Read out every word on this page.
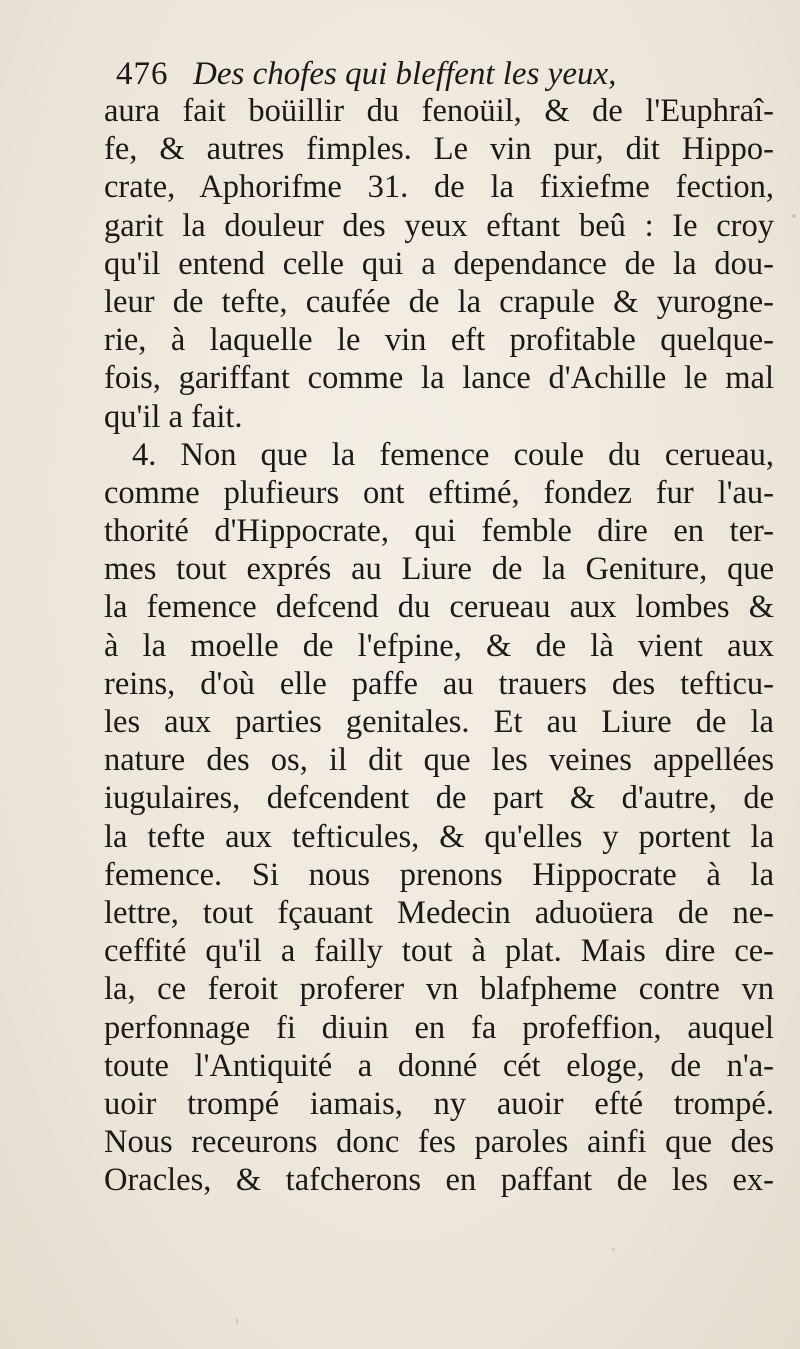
476 Des chofes qui bleffent les yeux,
aura fait boüillir du fenoüil, & de l'Euphraî-
fe, & autres fimples. Le vin pur, dit Hippo-
crate, Aphorifme 31. de la fixiefme fection,
garit la douleur des yeux eftant beû : Ie croy
qu'il entend celle qui a dependance de la dou-
leur de tefte, caufée de la crapule & yurogne-
rie, à laquelle le vin eft profitable quelque-
fois, gariffant comme la lance d'Achille le mal
qu'il a fait.
4. Non que la femence coule du cerueau,
comme plufieurs ont eftimé, fondez fur l'au-
thorité d'Hippocrate, qui femble dire en ter-
mes tout exprés au Liure de la Geniture, que
la femence defcend du cerueau aux lombes &
à la moelle de l'efpine, & de là vient aux
reins, d'où elle paffe au trauers des tefticu-
les aux parties genitales. Et au Liure de la
nature des os, il dit que les veines appellées
iugulaires, defcendent de part & d'autre, de
la tefte aux tefticules, & qu'elles y portent la
femence. Si nous prenons Hippocrate à la
lettre, tout fçauant Medecin aduoüera de ne-
ceffité qu'il a failly tout à plat. Mais dire ce-
la, ce feroit proferer vn blafpheme contre vn
perfonnage fi diuin en fa profeffion, auquel
toute l'Antiquité a donné cét eloge, de n'a-
uoir trompé iamais, ny auoir efté trompé.
Nous receurons donc fes paroles ainfi que des
Oracles, & tafcherons en paffant de les ex-
